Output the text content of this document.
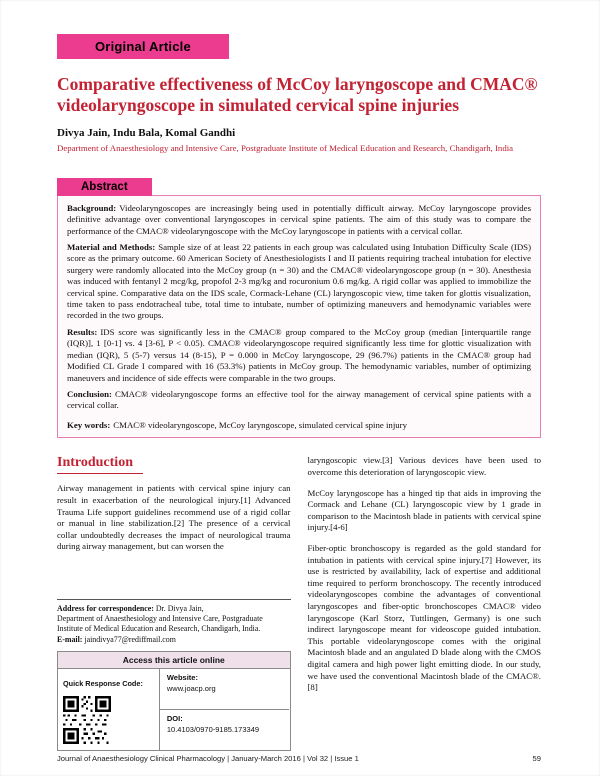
Original Article
Comparative effectiveness of McCoy laryngoscope and CMAC® videolaryngoscope in simulated cervical spine injuries
Divya Jain, Indu Bala, Komal Gandhi
Department of Anaesthesiology and Intensive Care, Postgraduate Institute of Medical Education and Research, Chandigarh, India
Abstract

Background: Videolaryngoscopes are increasingly being used in potentially difficult airway. McCoy laryngoscope provides definitive advantage over conventional laryngoscopes in cervical spine patients. The aim of this study was to compare the performance of the CMAC® videolaryngoscope with the McCoy laryngoscope in patients with a cervical collar.

Material and Methods: Sample size of at least 22 patients in each group was calculated using Intubation Difficulty Scale (IDS) score as the primary outcome. 60 American Society of Anesthesiologists I and II patients requiring tracheal intubation for elective surgery were randomly allocated into the McCoy group (n = 30) and the CMAC® videolaryngoscope group (n = 30). Anesthesia was induced with fentanyl 2 mcg/kg, propofol 2-3 mg/kg and rocuronium 0.6 mg/kg. A rigid collar was applied to immobilize the cervical spine. Comparative data on the IDS scale, Cormack-Lehane (CL) laryngoscopic view, time taken for glottis visualization, time taken to pass endotracheal tube, total time to intubate, number of optimizing maneuvers and hemodynamic variables were recorded in the two groups.

Results: IDS score was significantly less in the CMAC® group compared to the McCoy group (median [interquartile range (IQR)], 1 [0-1] vs. 4 [3-6], P < 0.05). CMAC® videolaryngoscope required significantly less time for glottic visualization with median (IQR), 5 (5-7) versus 14 (8-15), P = 0.000 in McCoy laryngoscope, 29 (96.7%) patients in the CMAC® group had Modified CL Grade I compared with 16 (53.3%) patients in McCoy group. The hemodynamic variables, number of optimizing maneuvers and incidence of side effects were comparable in the two groups.

Conclusion: CMAC® videolaryngoscope forms an effective tool for the airway management of cervical spine patients with a cervical collar.

Key words: CMAC® videolaryngoscope, McCoy laryngoscope, simulated cervical spine injury

Introduction

Airway management in patients with cervical spine injury can result in exacerbation of the neurological injury.[1] Advanced Trauma Life support guidelines recommend use of a rigid collar or manual in line stabilization.[2] The presence of a cervical collar undoubtedly decreases the impact of neurological trauma during airway management, but can worsen the

Address for correspondence: Dr. Divya Jain,
Department of Anaesthesiology and Intensive Care, Postgraduate Institute of Medical Education and Research, Chandigarh, India.
E-mail: jaindivya77@rediffmail.com
Access this article online
Quick Response Code:
Website:
www.joacp.org
DOI:
10.4103/0970-9185.173349

laryngoscopic view.[3] Various devices have been used to overcome this deterioration of laryngoscopic view.

McCoy laryngoscope has a hinged tip that aids in improving the Cormack and Lehane (CL) laryngoscopic view by 1 grade in comparison to the Macintosh blade in patients with cervical spine injury.[4-6]

Fiber-optic bronchoscopy is regarded as the gold standard for intubation in patients with cervical spine injury.[7] However, its use is restricted by availability, lack of expertise and additional time required to perform bronchoscopy. The recently introduced videolaryngoscopes combine the advantages of conventional laryngoscopes and fiber-optic bronchoscopes CMAC® video laryngoscope (Karl Storz, Tuttlingen, Germany) is one such indirect laryngoscope meant for videoscope guided intubation. This portable videolaryngoscope comes with the original Macintosh blade and an angulated D blade along with the CMOS digital camera and high power light emitting diode. In our study, we have used the conventional Macintosh blade of the CMAC®.[8]

Journal of Anaesthesiology Clinical Pharmacology | January-March 2016 | Vol 32 | Issue 1	59
